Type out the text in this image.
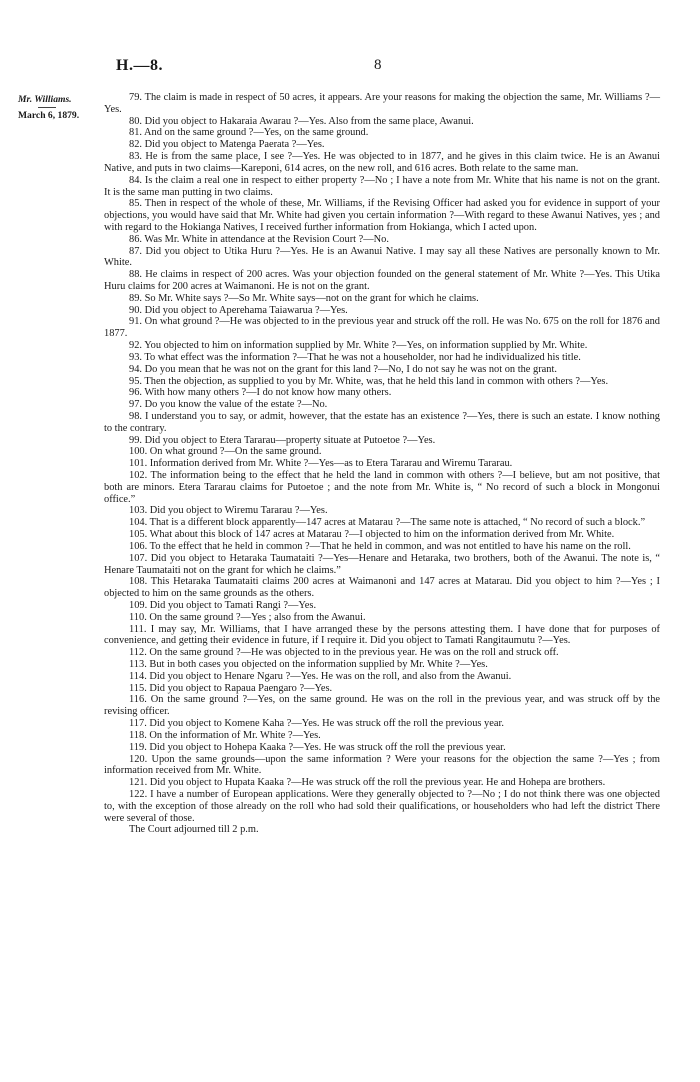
H.—8.	8
Mr. Williams.
March 6, 1879.

79. The claim is made in respect of 50 acres, it appears. Are your reasons for making the objection the same, Mr. Williams ?—Yes.

80. Did you object to Hakaraia Awarau ?—Yes. Also from the same place, Awanui.

81. And on the same ground ?—Yes, on the same ground.

82. Did you object to Matenga Paerata ?—Yes.

83. He is from the same place, I see ?—Yes. He was objected to in 1877, and he gives in this claim twice. He is an Awanui Native, and puts in two claims—Kareponi, 614 acres, on the new roll, and 616 acres. Both relate to the same man.

84. Is the claim a real one in respect to either property ?—No ; I have a note from Mr. White that his name is not on the grant. It is the same man putting in two claims.

85. Then in respect of the whole of these, Mr. Williams, if the Revising Officer had asked you for evidence in support of your objections, you would have said that Mr. White had given you certain information ?—With regard to these Awanui Natives, yes ; and with regard to the Hokianga Natives, I received further information from Hokianga, which I acted upon.

86. Was Mr. White in attendance at the Revision Court ?—No.

87. Did you object to Utika Huru ?—Yes. He is an Awanui Native. I may say all these Natives are personally known to Mr. White.

88. He claims in respect of 200 acres. Was your objection founded on the general statement of Mr. White ?—Yes. This Utika Huru claims for 200 acres at Waimanoni. He is not on the grant.

89. So Mr. White says ?—So Mr. White says—not on the grant for which he claims.

90. Did you object to Aperehama Taiawarua ?—Yes.

91. On what ground ?—He was objected to in the previous year and struck off the roll. He was No. 675 on the roll for 1876 and 1877.

92. You objected to him on information supplied by Mr. White ?—Yes, on information supplied by Mr. White.

93. To what effect was the information ?—That he was not a householder, nor had he individualized his title.

94. Do you mean that he was not on the grant for this land ?—No, I do not say he was not on the grant.

95. Then the objection, as supplied to you by Mr. White, was, that he held this land in common with others ?—Yes.

96. With how many others ?—I do not know how many others.

97. Do you know the value of the estate ?—No.

98. I understand you to say, or admit, however, that the estate has an existence ?—Yes, there is such an estate. I know nothing to the contrary.

99. Did you object to Etera Tararau—property situate at Putoetoe ?—Yes.

100. On what ground ?—On the same ground.

101. Information derived from Mr. White ?—Yes—as to Etera Tararau and Wiremu Tararau.

102. The information being to the effect that he held the land in common with others ?—I believe, but am not positive, that both are minors. Etera Tararau claims for Putoetoe ; and the note from Mr. White is, “ No record of such a block in Mongonui office.”

103. Did you object to Wiremu Tararau ?—Yes.

104. That is a different block apparently—147 acres at Matarau ?—The same note is attached, “ No record of such a block.”

105. What about this block of 147 acres at Matarau ?—I objected to him on the information derived from Mr. White.

106. To the effect that he held in common ?—That he held in common, and was not entitled to have his name on the roll.

107. Did you object to Hetaraka Taumataiti ?—Yes—Henare and Hetaraka, two brothers, both of the Awanui. The note is, “ Henare Taumataiti not on the grant for which he claims.”

108. This Hetaraka Taumataiti claims 200 acres at Waimanoni and 147 acres at Matarau. Did you object to him ?—Yes ; I objected to him on the same grounds as the others.

109. Did you object to Tamati Rangi ?—Yes.

110. On the same ground ?—Yes ; also from the Awanui.

111. I may say, Mr. Williams, that I have arranged these by the persons attesting them. I have done that for purposes of convenience, and getting their evidence in future, if I require it. Did you object to Tamati Rangitaumutu ?—Yes.

112. On the same ground ?—He was objected to in the previous year. He was on the roll and struck off.

113. But in both cases you objected on the information supplied by Mr. White ?—Yes.

114. Did you object to Henare Ngaru ?—Yes. He was on the roll, and also from the Awanui.

115. Did you object to Rapaua Paengaro ?—Yes.

116. On the same ground ?—Yes, on the same ground. He was on the roll in the previous year, and was struck off by the revising officer.

117. Did you object to Komene Kaha ?—Yes. He was struck off the roll the previous year.

118. On the information of Mr. White ?—Yes.

119. Did you object to Hohepa Kaaka ?—Yes. He was struck off the roll the previous year.

120. Upon the same grounds—upon the same information ? Were your reasons for the objection the same ?—Yes ; from information received from Mr. White.

121. Did you object to Hupata Kaaka ?—He was struck off the roll the previous year. He and Hohepa are brothers.

122. I have a number of European applications. Were they generally objected to ?—No ; I do not think there was one objected to, with the exception of those already on the roll who had sold their qualifications, or householders who had left the district There were several of those.

The Court adjourned till 2 p.m.
